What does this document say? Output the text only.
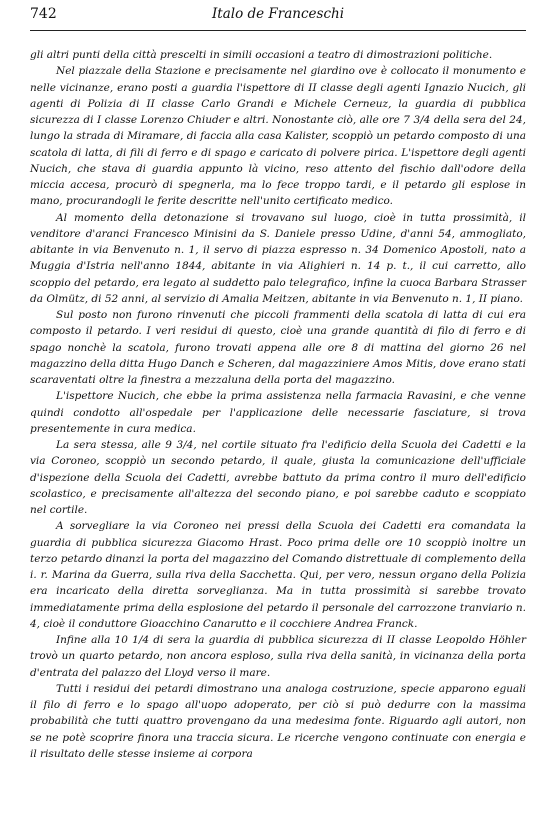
742	Italo de Franceschi

gli altri punti della città prescelti in simili occasioni a teatro di dimostrazioni politiche.

Nel piazzale della Stazione e precisamente nel giardino ove è collocato il monumento e nelle vicinanze, erano posti a guardia l'ispettore di II classe degli agenti Ignazio Nucich, gli agenti di Polizia di II classe Carlo Grandi e Michele Cerneuz, la guardia di pubblica sicurezza di I classe Lorenzo Chiuder e altri. Nonostante ciò, alle ore 7 3/4 della sera del 24, lungo la strada di Miramare, di faccia alla casa Kalister, scoppiò un petardo composto di una scatola di latta, di fili di ferro e di spago e caricato di polvere pirica. L'ispettore degli agenti Nucich, che stava di guardia appunto là vicino, reso attento del fischio dall'odore della miccia accesa, procurò di spegnerla, ma lo fece troppo tardi, e il petardo gli esplose in mano, procurandogli le ferite descritte nell'unito certificato medico.

Al momento della detonazione si trovavano sul luogo, cioè in tutta prossimità, il venditore d'aranci Francesco Minisini da S. Daniele presso Udine, d'anni 54, ammogliato, abitante in via Benvenuto n. 1, il servo di piazza espresso n. 34 Domenico Apostoli, nato a Muggia d'Istria nell'anno 1844, abitante in via Alighieri n. 14 p. t., il cui carretto, allo scoppio del petardo, era legato al suddetto palo telegrafico, infine la cuoca Barbara Strasser da Olmütz, di 52 anni, al servizio di Amalia Meitzen, abitante in via Benvenuto n. 1, II piano.

Sul posto non furono rinvenuti che piccoli frammenti della scatola di latta di cui era composto il petardo. I veri residui di questo, cioè una grande quantità di filo di ferro e di spago nonchè la scatola, furono trovati appena alle ore 8 di mattina del giorno 26 nel magazzino della ditta Hugo Danch e Scheren, dal magazziniere Amos Mitis, dove erano stati scaraventati oltre la finestra a mezzaluna della porta del magazzino.

L'ispettore Nucich, che ebbe la prima assistenza nella farmacia Ravasini, e che venne quindi condotto all'ospedale per l'applicazione delle necessarie fasciature, si trova presentemente in cura medica.

La sera stessa, alle 9 3/4, nel cortile situato fra l'edificio della Scuola dei Cadetti e la via Coroneo, scoppiò un secondo petardo, il quale, giusta la comunicazione dell'ufficiale d'ispezione della Scuola dei Cadetti, avrebbe battuto da prima contro il muro dell'edificio scolastico, e precisamente all'altezza del secondo piano, e poi sarebbe caduto e scoppiato nel cortile.

A sorvegliare la via Coroneo nei pressi della Scuola dei Cadetti era comandata la guardia di pubblica sicurezza Giacomo Hrast. Poco prima delle ore 10 scoppiò inoltre un terzo petardo dinanzi la porta del magazzino del Comando distrettuale di complemento della i. r. Marina da Guerra, sulla riva della Sacchetta. Qui, per vero, nessun organo della Polizia era incaricato della diretta sorveglianza. Ma in tutta prossimità si sarebbe trovato immediatamente prima della esplosione del petardo il personale del carrozzone tranviario n. 4, cioè il conduttore Gioacchino Canarutto e il cocchiere Andrea Franck.

Infine alla 10 1/4 di sera la guardia di pubblica sicurezza di II classe Leopoldo Höhler trovò un quarto petardo, non ancora esploso, sulla riva della sanità, in vicinanza della porta d'entrata del palazzo del Lloyd verso il mare.

Tutti i residui dei petardi dimostrano una analoga costruzione, specie apparono eguali il filo di ferro e lo spago all'uopo adoperato, per ciò si può dedurre con la massima probabilità che tutti quattro provengano da una medesima fonte. Riguardo agli autori, non se ne potè scoprire finora una traccia sicura. Le ricerche vengono continuate con energia e il risultato delle stesse insieme ai corpora
